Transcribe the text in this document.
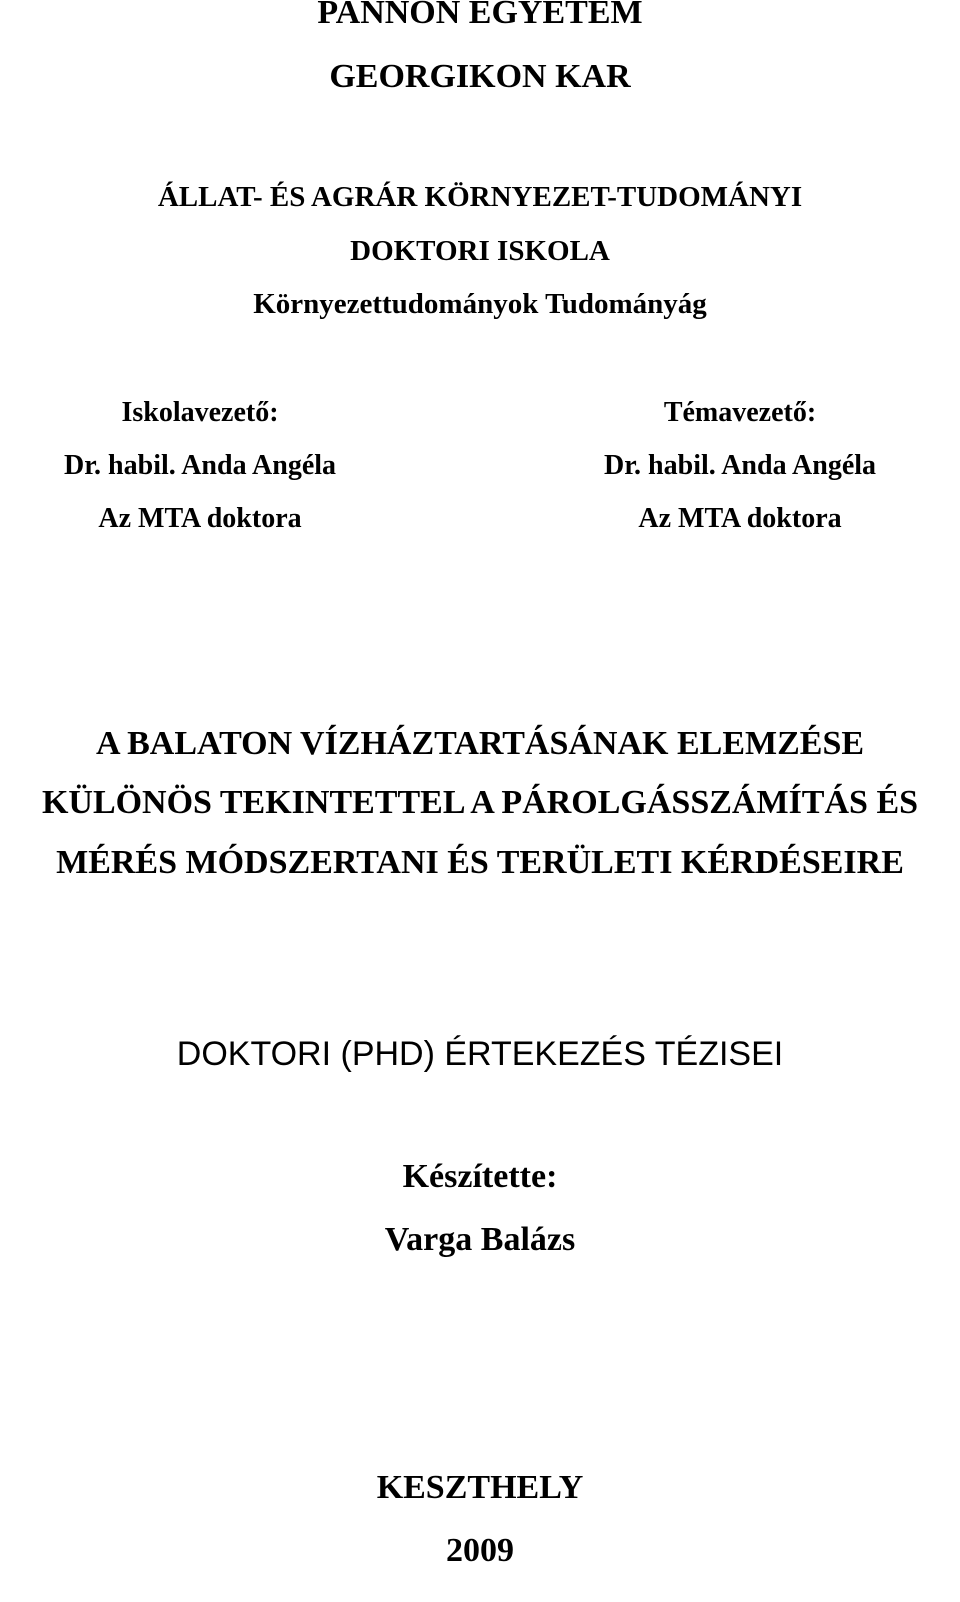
PANNON EGYETEM
GEORGIKON KAR
ÁLLAT- ÉS AGRÁR KÖRNYEZET-TUDOMÁNYI
DOKTORI ISKOLA
Környezettudományok Tudományág
Iskolavezető:
Dr. habil. Anda Angéla
Az MTA doktora
Témavezető:
Dr. habil. Anda Angéla
Az MTA doktora
A BALATON VÍZHÁZTARTÁSÁNAK ELEMZÉSE
KÜLÖNÖS TEKINTETTEL A PÁROLGÁSSZÁMÍTÁS ÉS
MÉRÉS MÓDSZERTANI ÉS TERÜLETI KÉRDÉSEIRE
DOKTORI (PHD) ÉRTEKEZÉS TÉZISEI
Készítette:
Varga Balázs
KESZTHELY
2009
